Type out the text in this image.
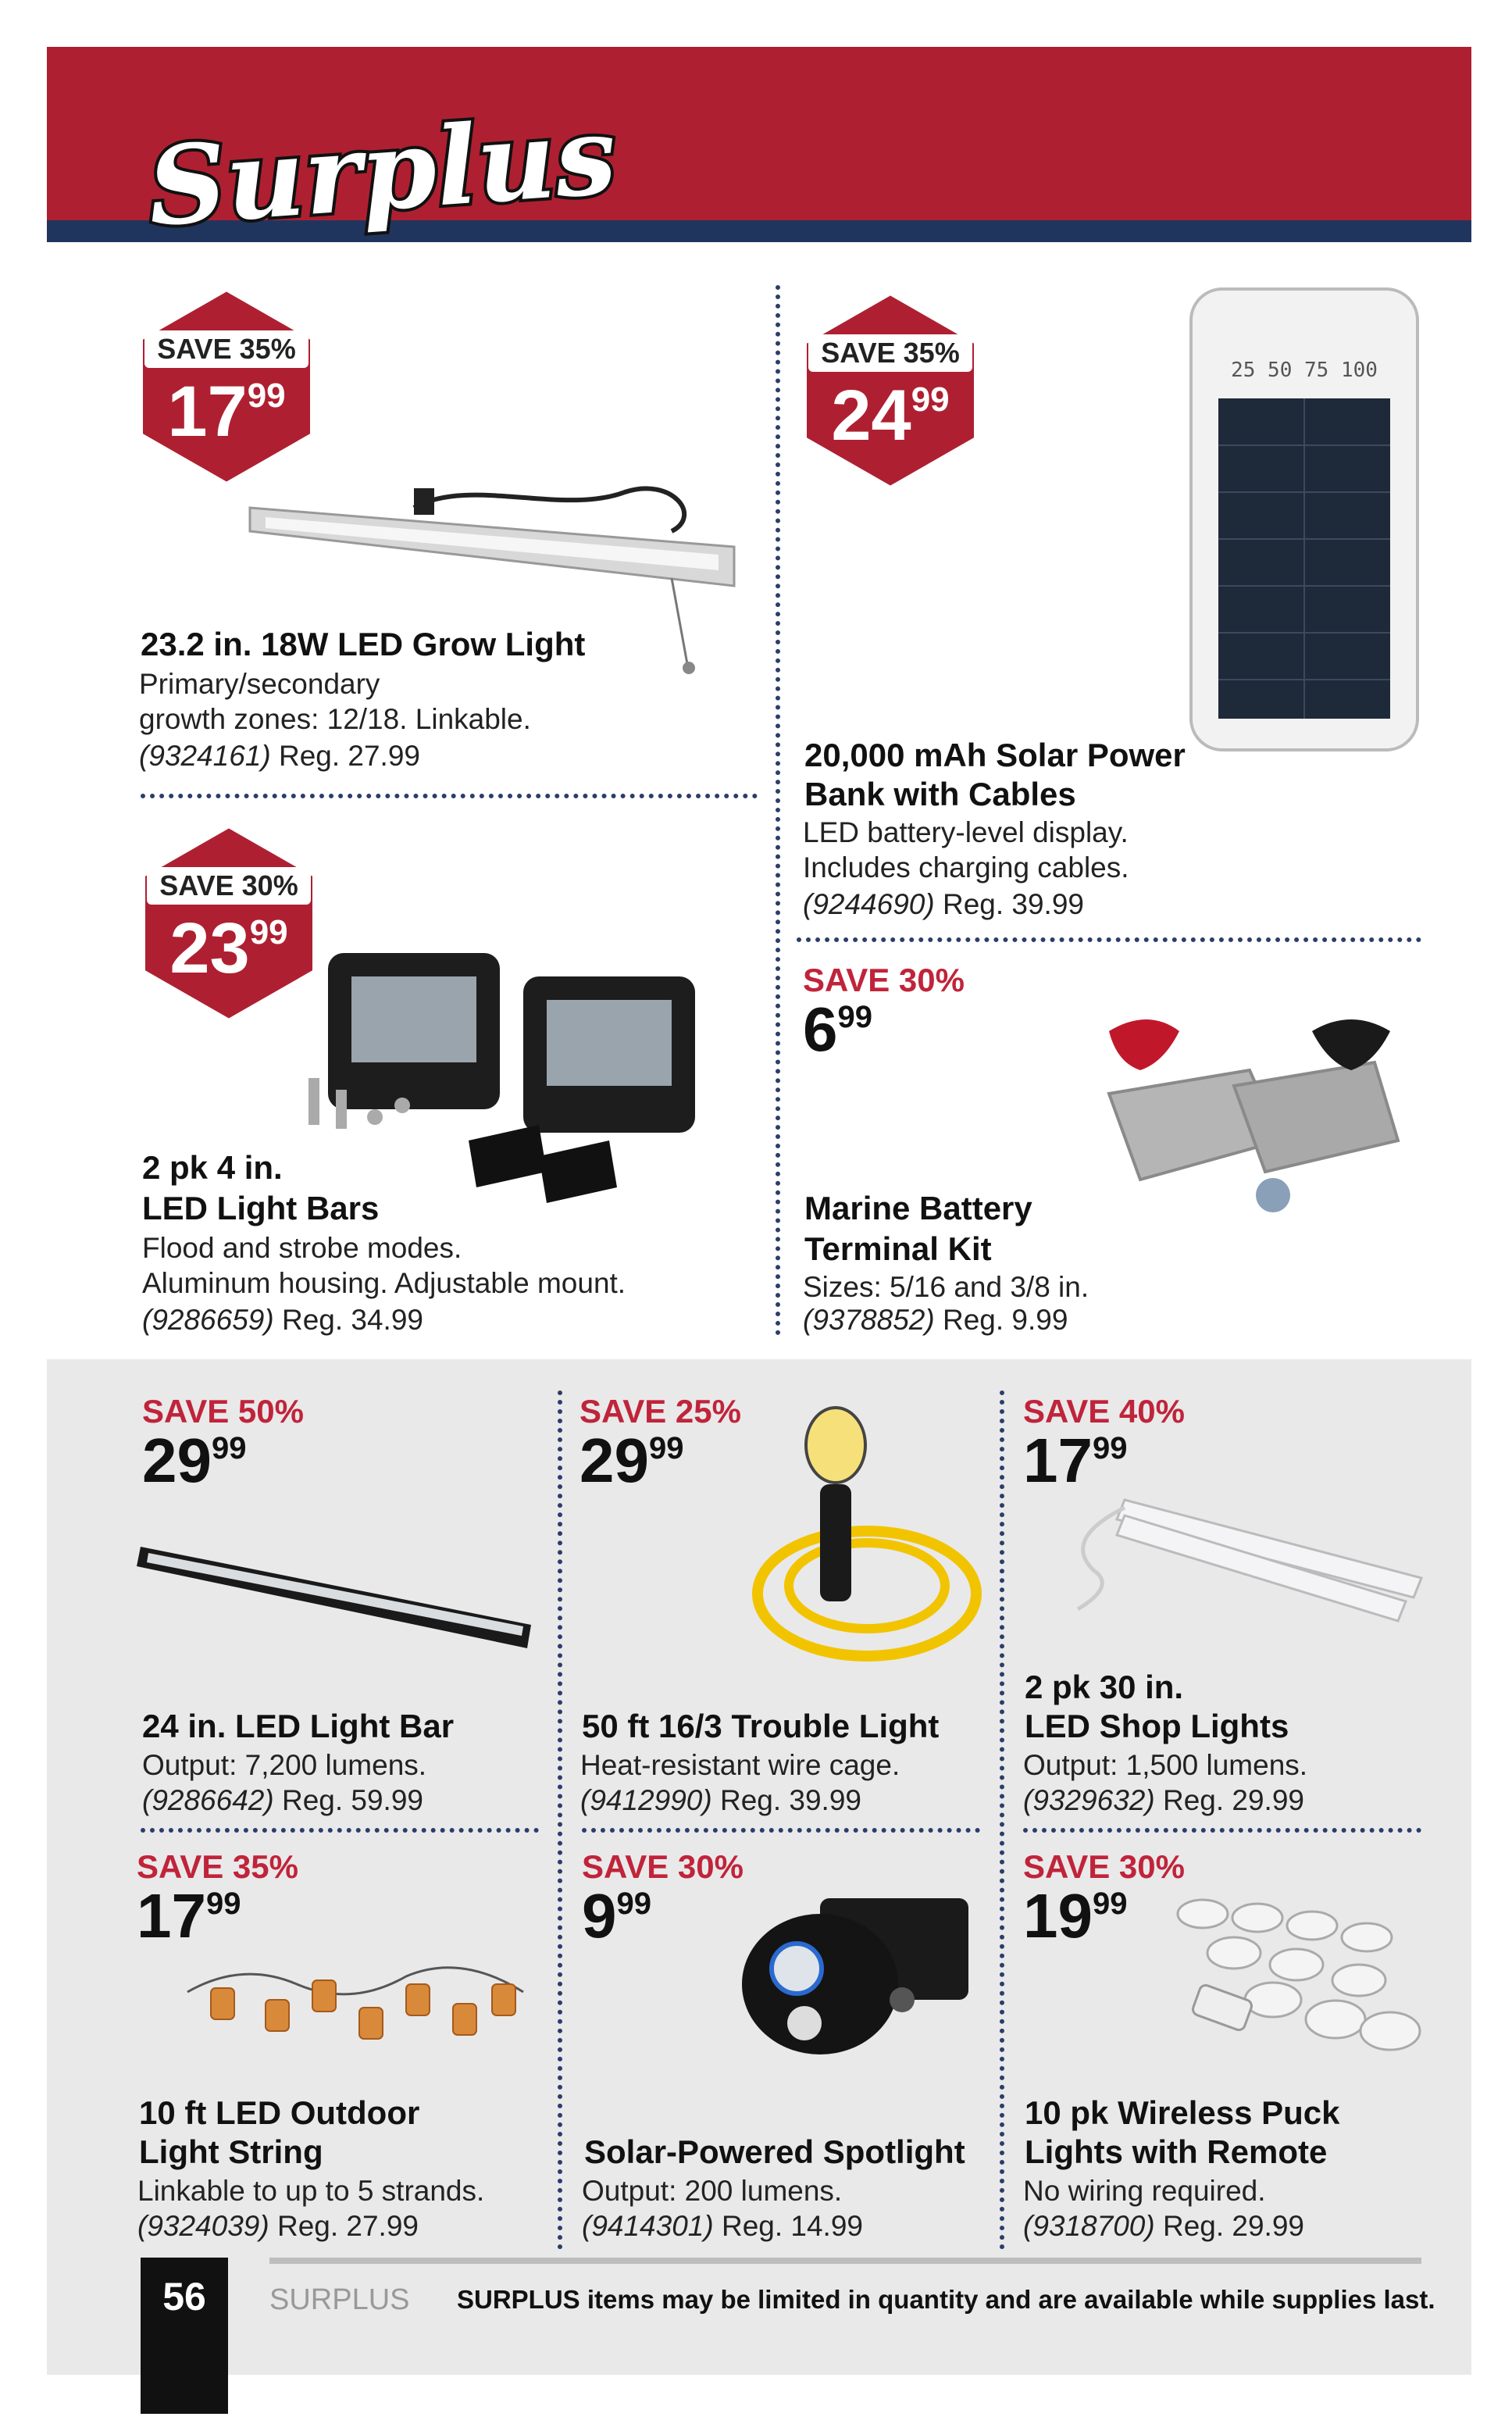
Surplus
SAVE 35%
$17^{99}$
23.2 in. 18W LED Grow Light
Primary/secondary
growth zones: 12/18. Linkable.
(9324161) Reg. 27.99
SAVE 35%
$24^{99}$
25 50 75 100
20,000 mAh Solar Power
Bank with Cables
LED battery-level display.
Includes charging cables.
(9244690) Reg. 39.99
SAVE 30%
$23^{99}$
2 pk 4 in.
LED Light Bars
Flood and strobe modes.
Aluminum housing. Adjustable mount.
(9286659) Reg. 34.99
SAVE 30%
$6^{99}$
Marine Battery
Terminal Kit
Sizes: 5/16 and 3/8 in.
(9378852) Reg. 9.99
SAVE 50%
$29^{99}$
24 in. LED Light Bar
Output: 7,200 lumens.
(9286642) Reg. 59.99
SAVE 25%
$29^{99}$
50 ft 16/3 Trouble Light
Heat-resistant wire cage.
(9412990) Reg. 39.99
SAVE 40%
$17^{99}$
2 pk 30 in.
LED Shop Lights
Output: 1,500 lumens.
(9329632) Reg. 29.99
SAVE 35%
$17^{99}$
10 ft LED Outdoor
Light String
Linkable to up to 5 strands.
(9324039) Reg. 27.99
SAVE 30%
$9^{99}$
Solar-Powered Spotlight
Output: 200 lumens.
(9414301) Reg. 14.99
SAVE 30%
$19^{99}$
10 pk Wireless Puck
Lights with Remote
No wiring required.
(9318700) Reg. 29.99
56	SURPLUS SURPLUS items may be limited in quantity and are available while supplies last.
